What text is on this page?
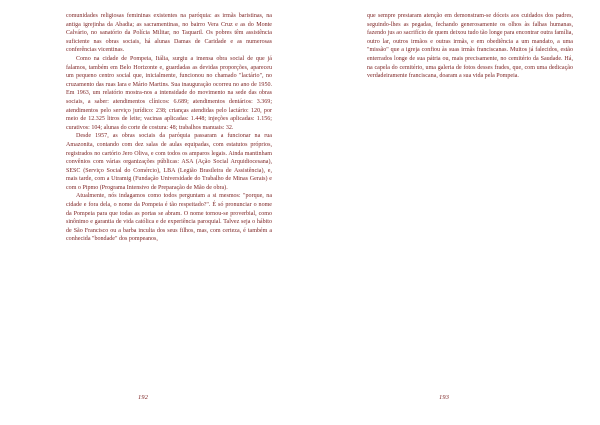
comunidades religiosas femininas existentes na paróquia: as irmãs baristinas, na antiga igrejinha da Abadia; as sacramentinas, no bairro Vera Cruz e as do Monte Calvário, no sanatório da Polícia Militar, no Taquaril. Os pobres têm assistência suficiente nas obras sociais, há alunas Damas de Caridade e as numerosas conferências vicentinas.

Como na cidade de Pompeia, Itália, surgiu a imensa obra social de que já falamos, também em Belo Horizonte e, guardadas as devidas proporções, apareceu um pequeno centro social que, inicialmente, funcionou no chamado "lactário", no cruzamento das ruas Iara e Mário Martins. Sua inauguração ocorreu no ano de 1950. Em 1963, um relatório mostra-nos a intensidade do movimento na sede das obras sociais, a saber: atendimentos clínicos: 6.689; atendimentos dentários: 3.369; atendimentos pelo serviço jurídico: 238; crianças atendidas pelo lactário: 120, por meio de 12.325 litros de leite; vacinas aplicadas: 1.448; injeções aplicadas: 1.156; curativos: 104; alunas do corte de costura: 48; trabalhos manuais: 32.

Desde 1957, as obras sociais da paróquia passaram a funcionar na rua Amazonita, contando com dez salas de aulas equipadas, com estatutos próprios, registrados no cartório Jero Oliva, e com todos os amparos legais. Ainda mantinham convênios com várias organizações públicas: ASA (Ação Social Arquidiocesana), SESC (Serviço Social do Comércio), LBA (Legião Brasileira de Assistência), e, mais tarde, com a Utramig (Fundação Universidade do Trabalho de Minas Gerais) e com o Pipmo (Programa Intensivo de Preparação de Mão de obra).

Atualmente, nós indagamos como todos perguntam a si mesmos: "porque, na cidade e fora dela, o nome da Pompeia é tão respeitado?". É só pronunciar o nome da Pompeia para que todas as portas se abram. O nome tornou-se proverbial, como sinônimo e garantia de vida católica e de experiência paroquial. Talvez seja o hábito de São Francisco ou a barba inculta dos seus filhos, mas, com certeza, é também a conhecida "bondade" dos pompeanos,

192

que sempre prestaram atenção em demonstram-se dóceis aos cuidados dos padres, seguindo-lhes as pegadas, fechando generosamente os olhos às falhas humanas, fazendo jus ao sacrifício de quem deixou tudo tão longe para encontrar outra família, outro lar, outros irmãos e outras irmãs, e em obediência a um mandato, a uma "missão" que a igreja confiou às suas irmãs franciscanas. Muitos já falecidos, estão enterrados longe de sua pátria ou, mais precisamente, no cemitério da Saudade. Há, na capela do cemitério, uma galeria de fotos desses frades, que, com uma dedicação verdadeiramente franciscana, doaram a sua vida pela Pompeia.

193
